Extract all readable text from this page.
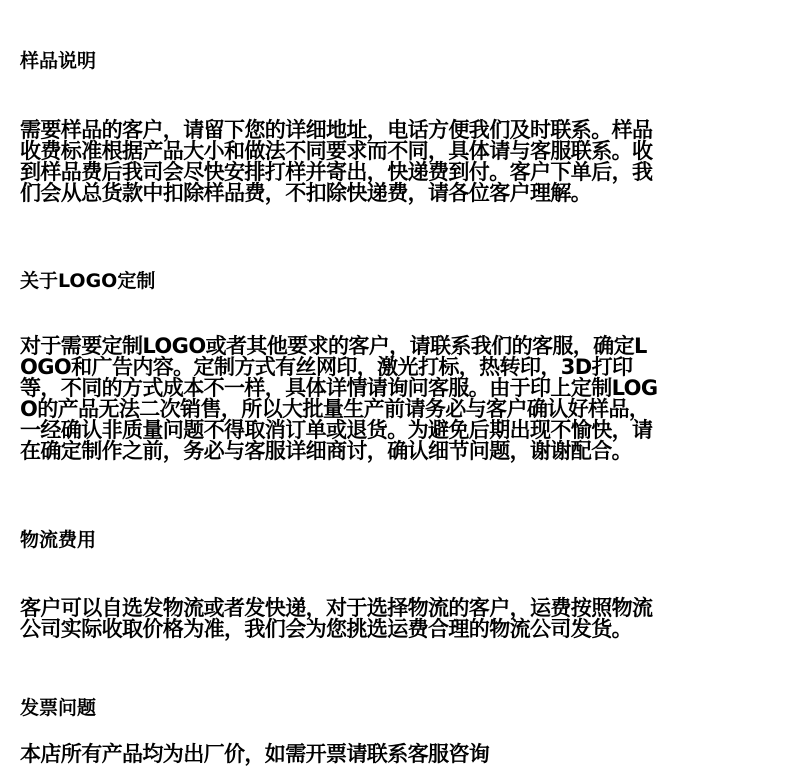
样品说明
需要样品的客户，请留下您的详细地址，电话方便我们及时联系。样品
收费标准根据产品大小和做法不同要求而不同，具体请与客服联系。收
到样品费后我司会尽快安排打样并寄出，快递费到付。客户下单后，我
们会从总货款中扣除样品费，不扣除快递费，请各位客户理解。
关于LOGO定制
对于需要定制LOGO或者其他要求的客户，请联系我们的客服，确定L
OGO和广告内容。定制方式有丝网印，激光打标，热转印，3D打印
等，不同的方式成本不一样，具体详情请询问客服。由于印上定制LOG
O的产品无法二次销售，所以大批量生产前请务必与客户确认好样品，
一经确认非质量问题不得取消订单或退货。为避免后期出现不愉快，请
在确定制作之前，务必与客服详细商讨，确认细节问题，谢谢配合。
物流费用
客户可以自选发物流或者发快递，对于选择物流的客户，运费按照物流
公司实际收取价格为准，我们会为您挑选运费合理的物流公司发货。
发票问题
本店所有产品均为出厂价，如需开票请联系客服咨询
